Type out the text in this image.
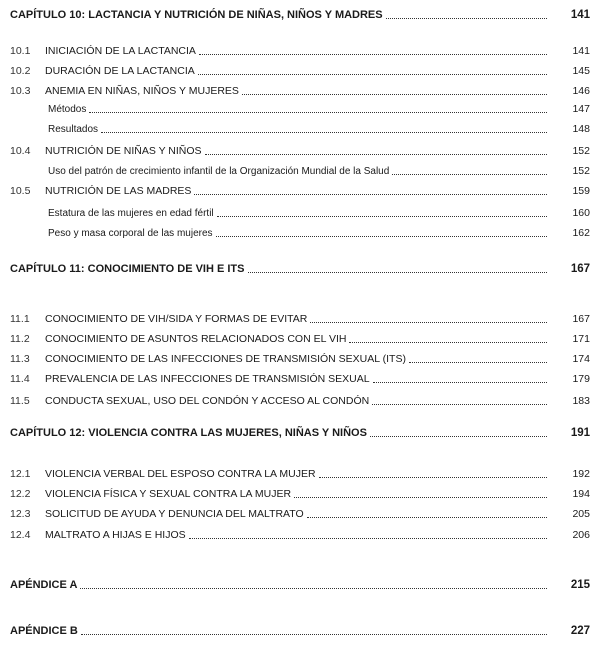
CAPÍTULO 10: LACTANCIA Y NUTRICIÓN DE NIÑAS, NIÑOS Y MADRES	141
10.1	INICIACIÓN DE LA LACTANCIA	141
10.2	DURACIÓN DE LA LACTANCIA	145
10.3	ANEMIA EN NIÑAS, NIÑOS Y MUJERES	146
Métodos	147
Resultados	148
10.4	NUTRICIÓN DE NIÑAS Y NIÑOS	152
Uso del patrón de crecimiento infantil de la Organización Mundial de la Salud	152
10.5	NUTRICIÓN DE LAS MADRES	159
Estatura de las mujeres en edad fértil	160
Peso y masa corporal de las mujeres	162
CAPÍTULO 11: CONOCIMIENTO DE VIH E ITS	167
11.1	CONOCIMIENTO DE VIH/SIDA Y FORMAS DE EVITAR	167
11.2	CONOCIMIENTO DE ASUNTOS RELACIONADOS CON EL VIH	171
11.3	CONOCIMIENTO DE LAS INFECCIONES DE TRANSMISIÓN SEXUAL (ITS)	174
11.4	PREVALENCIA DE LAS INFECCIONES DE TRANSMISIÓN SEXUAL	179
11.5	CONDUCTA SEXUAL, USO DEL CONDÓN Y ACCESO AL CONDÓN	183
CAPÍTULO 12: VIOLENCIA CONTRA LAS MUJERES, NIÑAS Y NIÑOS	191
12.1	VIOLENCIA VERBAL DEL ESPOSO CONTRA LA MUJER	192
12.2	VIOLENCIA FÍSICA Y SEXUAL CONTRA LA MUJER	194
12.3	SOLICITUD DE AYUDA Y DENUNCIA DEL MALTRATO	205
12.4	MALTRATO A HIJAS E HIJOS	206
APÉNDICE A	215
APÉNDICE B	227
